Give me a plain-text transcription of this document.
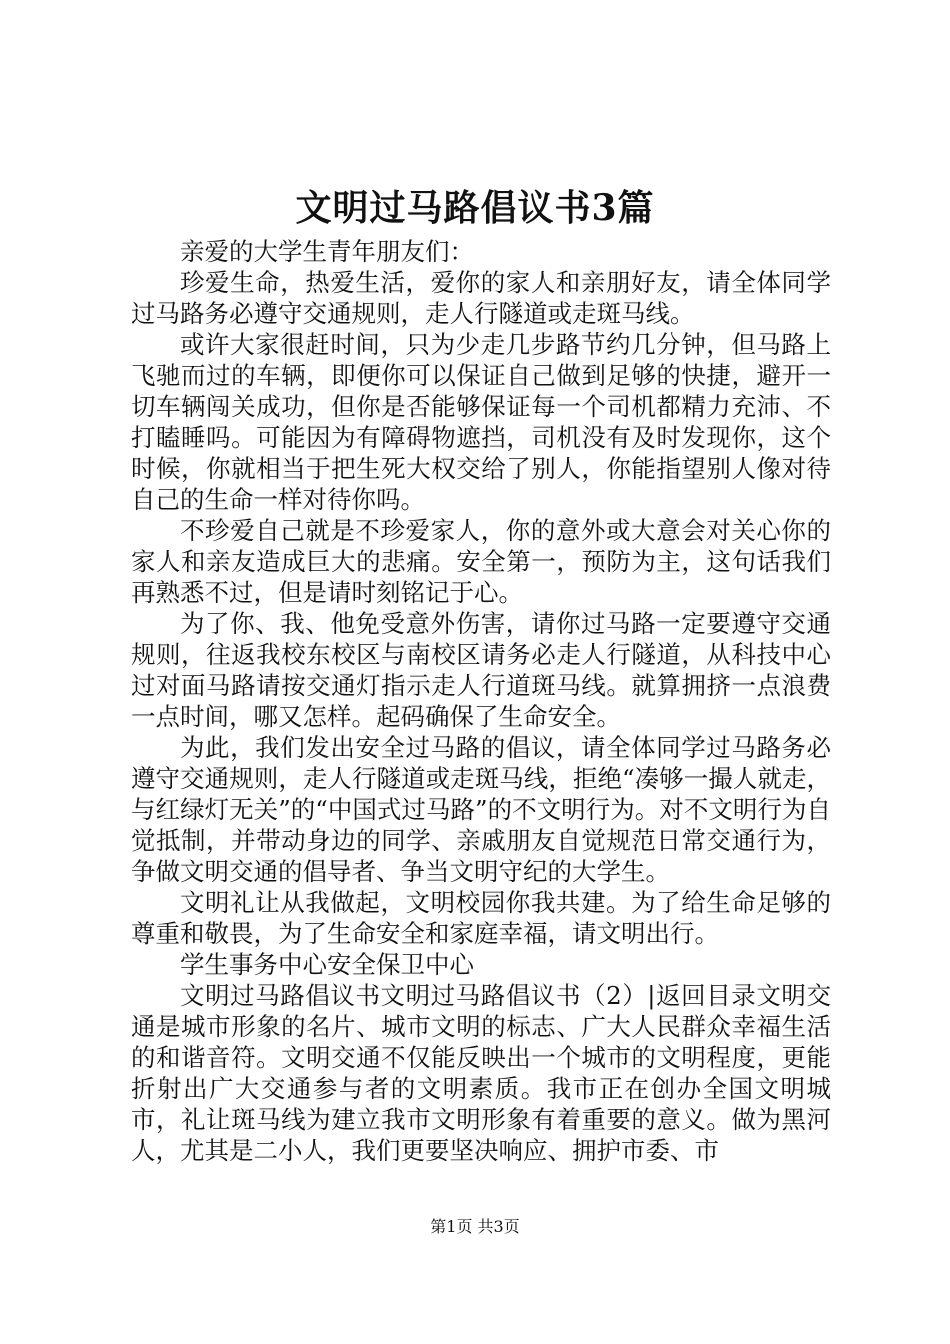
文明过马路倡议书3篇

亲爱的大学生青年朋友们：

珍爱生命，热爱生活，爱你的家人和亲朋好友，请全体同学过马路务必遵守交通规则，走人行隧道或走斑马线。

或许大家很赶时间，只为少走几步路节约几分钟，但马路上飞驰而过的车辆，即便你可以保证自己做到足够的快捷，避开一切车辆闯关成功，但你是否能够保证每一个司机都精力充沛、不打瞌睡吗。可能因为有障碍物遮挡，司机没有及时发现你，这个时候，你就相当于把生死大权交给了别人，你能指望别人像对待自己的生命一样对待你吗。

不珍爱自己就是不珍爱家人，你的意外或大意会对关心你的家人和亲友造成巨大的悲痛。安全第一，预防为主，这句话我们再熟悉不过，但是请时刻铭记于心。

为了你、我、他免受意外伤害，请你过马路一定要遵守交通规则，往返我校东校区与南校区请务必走人行隧道，从科技中心过对面马路请按交通灯指示走人行道斑马线。就算拥挤一点浪费一点时间，哪又怎样。起码确保了生命安全。

为此，我们发出安全过马路的倡议，请全体同学过马路务必遵守交通规则，走人行隧道或走斑马线，拒绝“凑够一撮人就走，与红绿灯无关”的“中国式过马路”的不文明行为。对不文明行为自觉抵制，并带动身边的同学、亲戚朋友自觉规范日常交通行为，争做文明交通的倡导者、争当文明守纪的大学生。

文明礼让从我做起，文明校园你我共建。为了给生命足够的尊重和敬畏，为了生命安全和家庭幸福，请文明出行。

学生事务中心安全保卫中心

文明过马路倡议书文明过马路倡议书（2）|返回目录文明交通是城市形象的名片、城市文明的标志、广大人民群众幸福生活的和谐音符。文明交通不仅能反映出一个城市的文明程度，更能折射出广大交通参与者的文明素质。我市正在创办全国文明城市，礼让斑马线为建立我市文明形象有着重要的意义。做为黑河人，尤其是二小人，我们更要坚决响应、拥护市委、市

第1页 共3页
